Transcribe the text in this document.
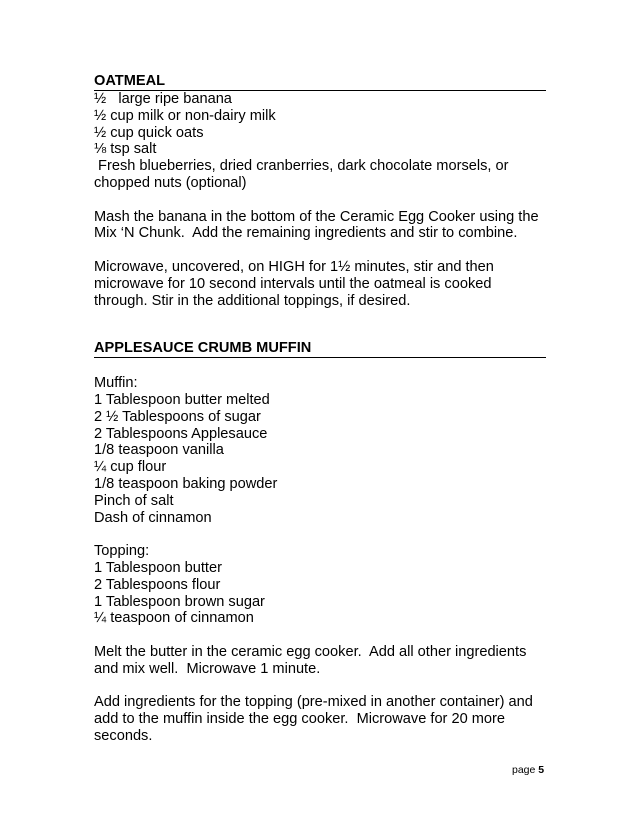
OATMEAL
½   large ripe banana
½ cup milk or non-dairy milk
½ cup quick oats
⅛ tsp salt
Fresh blueberries, dried cranberries, dark chocolate morsels, or
chopped nuts (optional)
Mash the banana in the bottom of the Ceramic Egg Cooker using the
Mix ‘N Chunk.  Add the remaining ingredients and stir to combine.
Microwave, uncovered, on HIGH for 1½ minutes, stir and then
microwave for 10 second intervals until the oatmeal is cooked
through. Stir in the additional toppings, if desired.
APPLESAUCE CRUMB MUFFIN
Muffin:
1 Tablespoon butter melted
2 ½ Tablespoons of sugar
2 Tablespoons Applesauce
1/8 teaspoon vanilla
¼ cup flour
1/8 teaspoon baking powder
Pinch of salt
Dash of cinnamon
Topping:
1 Tablespoon butter
2 Tablespoons flour
1 Tablespoon brown sugar
¼ teaspoon of cinnamon
Melt the butter in the ceramic egg cooker.  Add all other ingredients
and mix well.  Microwave 1 minute.
Add ingredients for the topping (pre-mixed in another container) and
add to the muffin inside the egg cooker.  Microwave for 20 more
seconds.
page 5
